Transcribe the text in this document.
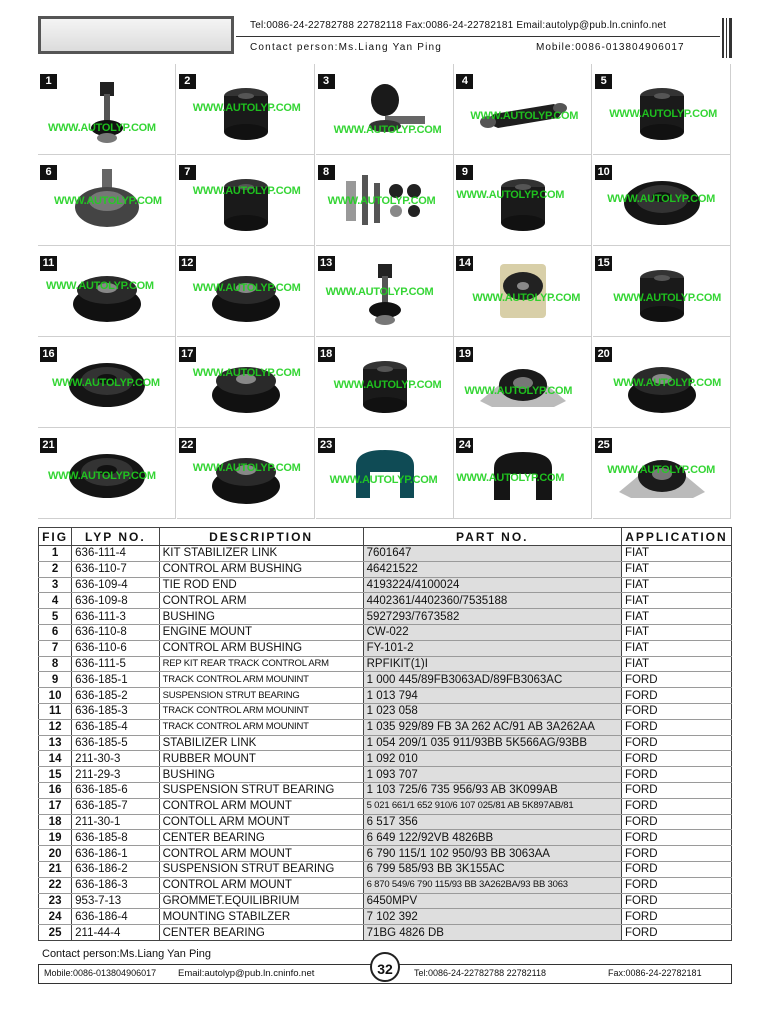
Tel:0086-24-22782788 22782118 Fax:0086-24-22782181 Email:autolyp@pub.ln.cninfo.net
Contact person:Ms.Liang Yan Ping	Mobile:0086-013804906017
1
WWW.AUTOLYP.COM
2
WWW.AUTOLYP.COM
3
WWW.AUTOLYP.COM
4
WWW.AUTOLYP.COM
5
WWW.AUTOLYP.COM
6
WWW.AUTOLYP.COM
7
WWW.AUTOLYP.COM
8
WWW.AUTOLYP.COM
9
WWW.AUTOLYP.COM
10
WWW.AUTOLYP.COM
11
WWW.AUTOLYP.COM
12
WWW.AUTOLYP.COM
13
WWW.AUTOLYP.COM
14
WWW.AUTOLYP.COM
15
WWW.AUTOLYP.COM
16
WWW.AUTOLYP.COM
17
WWW.AUTOLYP.COM
18
WWW.AUTOLYP.COM
19
WWW.AUTOLYP.COM
20
WWW.AUTOLYP.COM
21
WWW.AUTOLYP.COM
22
WWW.AUTOLYP.COM
23
WWW.AUTOLYP.COM
24
WWW.AUTOLYP.COM
25
WWW.AUTOLYP.COM
FIG	LYP NO.	DESCRIPTION	PART NO.	APPLICATION
1	636-111-4	KIT STABILIZER LINK	7601647	FIAT
2	636-110-7	CONTROL ARM BUSHING	46421522	FIAT
3	636-109-4	TIE ROD END	4193224/4100024	FIAT
4	636-109-8	CONTROL ARM	4402361/4402360/7535188	FIAT
5	636-111-3	BUSHING	5927293/7673582	FIAT
6	636-110-8	ENGINE MOUNT	CW-022	FIAT
7	636-110-6	CONTROL ARM BUSHING	FY-101-2	FIAT
8	636-111-5	REP KIT REAR TRACK CONTROL ARM	RPFIKIT(1)I	FIAT
9	636-185-1	TRACK CONTROL ARM MOUNINT	1 000 445/89FB3063AD/89FB3063AC	FORD
10	636-185-2	SUSPENSION STRUT BEARING	1 013 794	FORD
11	636-185-3	TRACK CONTROL ARM MOUNINT	1 023 058	FORD
12	636-185-4	TRACK CONTROL ARM MOUNINT	1 035 929/89 FB 3A 262 AC/91 AB 3A262AA	FORD
13	636-185-5	STABILIZER LINK	1 054 209/1 035 911/93BB 5K566AG/93BB	FORD
14	211-30-3	RUBBER MOUNT	1 092 010	FORD
15	211-29-3	BUSHING	1 093 707	FORD
16	636-185-6	SUSPENSION STRUT BEARING	1 103 725/6 735 956/93 AB 3K099AB	FORD
17	636-185-7	CONTROL ARM MOUNT	5 021 661/1 652 910/6 107 025/81 AB 5K897AB/81	FORD
18	211-30-1	CONTOLL ARM MOUNT	6 517 356	FORD
19	636-185-8	CENTER BEARING	6 649 122/92VB 4826BB	FORD
20	636-186-1	CONTROL ARM MOUNT	6 790 115/1 102 950/93 BB 3063AA	FORD
21	636-186-2	SUSPENSION STRUT BEARING	6 799 585/93 BB 3K155AC	FORD
22	636-186-3	CONTROL ARM MOUNT	6 870 549/6 790 115/93 BB 3A262BA/93 BB 3063	FORD
23	953-7-13	GROMMET.EQUILIBRIUM	6450MPV	FORD
24	636-186-4	MOUNTING STABILZER	7 102 392	FORD
25	211-44-4	CENTER BEARING	71BG 4826 DB	FORD
Contact person:Ms.Liang Yan Ping
Mobile:0086-013804906017 Email:autolyp@pub.ln.cninfo.net	Tel:0086-24-22782788 22782118	Fax:0086-24-22782181
32
